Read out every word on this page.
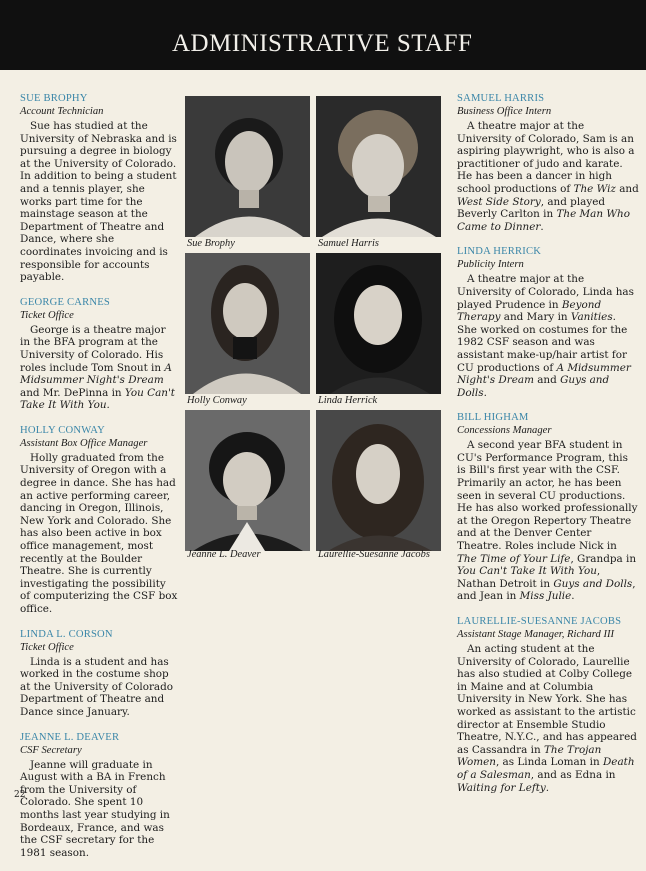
ADMINISTRATIVE STAFF
SUE BROPHY
Account Technician
Sue has studied at the University of Nebraska and is pursuing a degree in biology at the University of Colorado. In addition to being a student and a tennis player, she works part time for the mainstage season at the Department of Theatre and Dance, where she coordinates invoicing and is responsible for accounts payable.
GEORGE CARNES
Ticket Office
George is a theatre major in the BFA program at the University of Colorado. His roles include Tom Snout in A Midsummer Night's Dream and Mr. DePinna in You Can't Take It With You.
HOLLY CONWAY
Assistant Box Office Manager
Holly graduated from the University of Oregon with a degree in dance. She has had an active performing career, dancing in Oregon, Illinois, New York and Colorado. She has also been active in box office management, most recently at the Boulder Theatre. She is currently investigating the possibility of computerizing the CSF box office.
LINDA L. CORSON
Ticket Office
Linda is a student and has worked in the costume shop at the University of Colorado Department of Theatre and Dance since January.
JEANNE L. DEAVER
CSF Secretary
Jeanne will graduate in August with a BA in French from the University of Colorado. She spent 10 months last year studying in Bordeaux, France, and was the CSF secretary for the 1981 season.
Sue Brophy	Samuel Harris
Holly Conway	Linda Herrick
Jeanne L. Deaver	Laurellie-Suesanne Jacobs
SAMUEL HARRIS
Business Office Intern
A theatre major at the University of Colorado, Sam is an aspiring playwright, who is also a practitioner of judo and karate. He has been a dancer in high school productions of The Wiz and West Side Story, and played Beverly Carlton in The Man Who Came to Dinner.
LINDA HERRICK
Publicity Intern
A theatre major at the University of Colorado, Linda has played Prudence in Beyond Therapy and Mary in Vanities. She worked on costumes for the 1982 CSF season and was assistant make-up/hair artist for CU productions of A Midsummer Night's Dream and Guys and Dolls.
BILL HIGHAM
Concessions Manager
A second year BFA student in CU's Performance Program, this is Bill's first year with the CSF. Primarily an actor, he has been seen in several CU productions. He has also worked professionally at the Oregon Repertory Theatre and at the Denver Center Theatre. Roles include Nick in The Time of Your Life, Grandpa in You Can't Take It With You, Nathan Detroit in Guys and Dolls, and Jean in Miss Julie.
LAURELLIE-SUESANNE JACOBS
Assistant Stage Manager, Richard III
An acting student at the University of Colorado, Laurellie has also studied at Colby College in Maine and at Columbia University in New York. She has worked as assistant to the artistic director at Ensemble Studio Theatre, N.Y.C., and has appeared as Cassandra in The Trojan Women, as Linda Loman in Death of a Salesman, and as Edna in Waiting for Lefty.
22
